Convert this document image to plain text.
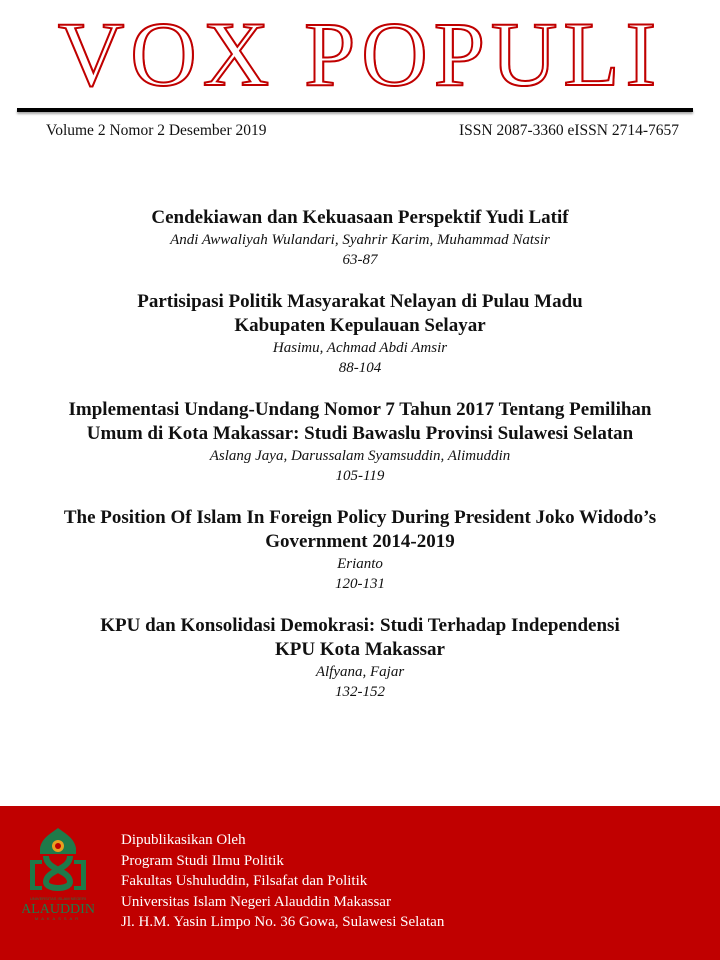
VOX POPULI
Volume 2 Nomor 2 Desember 2019	ISSN 2087-3360 eISSN 2714-7657
Cendekiawan dan Kekuasaan Perspektif Yudi Latif
Andi Awwaliyah Wulandari, Syahrir Karim, Muhammad Natsir
63-87
Partisipasi Politik Masyarakat Nelayan di Pulau Madu
Kabupaten Kepulauan Selayar
Hasimu, Achmad Abdi Amsir
88-104
Implementasi Undang-Undang Nomor 7 Tahun 2017 Tentang Pemilihan
Umum di Kota Makassar: Studi Bawaslu Provinsi Sulawesi Selatan
Aslang Jaya, Darussalam Syamsuddin, Alimuddin
105-119
The Position Of Islam In Foreign Policy During President Joko Widodo’s
Government 2014-2019
Erianto
120-131
KPU dan Konsolidasi Demokrasi: Studi Terhadap Independensi
KPU Kota Makassar
Alfyana, Fajar
132-152
UNIVERSITAS ISLAM NEGERI
ALAUDDIN
MAKASSAR
Dipublikasikan Oleh
Program Studi Ilmu Politik
Fakultas Ushuluddin, Filsafat dan Politik
Universitas Islam Negeri Alauddin Makassar
Jl. H.M. Yasin Limpo No. 36 Gowa, Sulawesi Selatan
